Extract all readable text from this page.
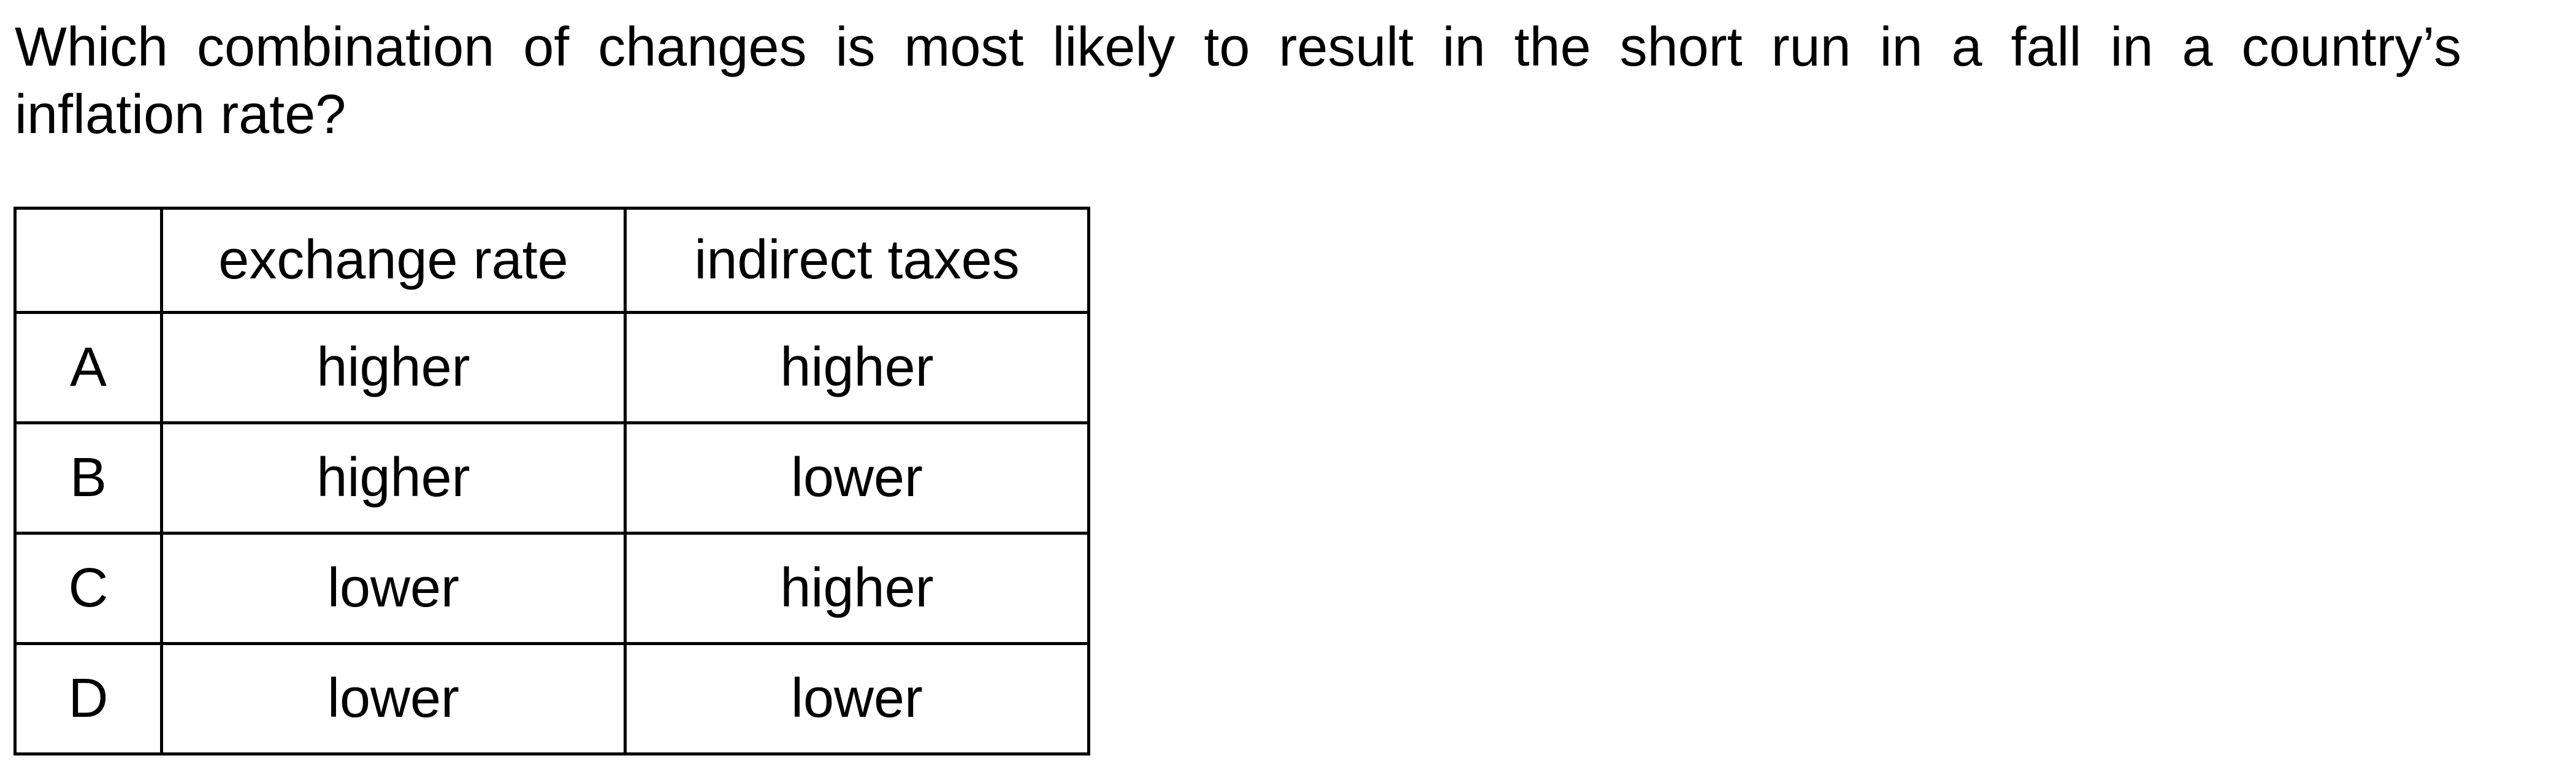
Which combination of changes is most likely to result in the short run in a fall in a country’s
inflation rate?

	exchange rate	indirect taxes
A	higher	higher
B	higher	lower
C	lower	higher
D	lower	lower
